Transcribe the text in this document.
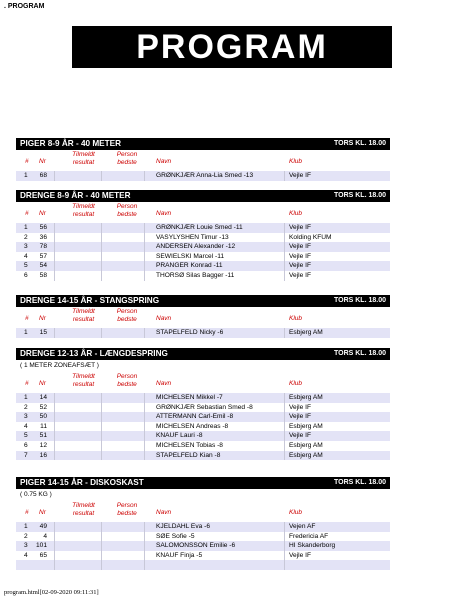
. PROGRAM
PROGRAM
PIGER 8-9 ÅR - 40 METER	TORS KL. 18.00
# Nr
Tilmeldt resultat
Person bedste	Navn	Klub
1	68	GRØNKJÆR Anna-Lia Smed -13	Vejle IF
DRENGE 8-9 ÅR - 40 METER	TORS KL. 18.00
# Nr
Tilmeldt resultat
Person bedste	Navn	Klub
1	56	GRØNKJÆR Louie Smed -11	Vejle IF
2	36	VASYLYSHEN Timur -13	Kolding KFUM
3	78	ANDERSEN Alexander -12	Vejle IF
4	57	SEWIELSKI Marcel -11	Vejle IF
5	54	PRANGER Konrad -11	Vejle IF
6	58	THORSØ Silas Bagger -11	Vejle IF
DRENGE 14-15 ÅR - STANGSPRING	TORS KL. 18.00
# Nr
Tilmeldt resultat
Person bedste	Navn	Klub
1	15	STAPELFELD Nicky -6	Esbjerg AM
DRENGE 12-13 ÅR - LÆNGDESPRING	TORS KL. 18.00
( 1 METER ZONEAFSÆT )
# Nr
Tilmeldt resultat
Person bedste	Navn	Klub
1	14	MICHELSEN Mikkel -7	Esbjerg AM
2	52	GRØNKJÆR Sebastian Smed -8	Vejle IF
3	50	ATTERMANN Carl-Emil -8	Vejle IF
4	11	MICHELSEN Andreas -8	Esbjerg AM
5	51	KNAUF Lauri -8	Vejle IF
6	12	MICHELSEN Tobias -8	Esbjerg AM
7	16	STAPELFELD Kian -8	Esbjerg AM
PIGER 14-15 ÅR - DISKOSKAST	TORS KL. 18.00
( 0.75 KG )
# Nr
Tilmeldt resultat
Person bedste	Navn	Klub
1	49	KJELDAHL Eva -6	Vejen AF
2	4	SØE Sofie -5	Fredericia AF
3	101	SALOMONSSON Emilie -6	HI Skanderborg
4	65	KNAUF Finja -5	Vejle IF
program.html[02-09-2020 09:11:31]
